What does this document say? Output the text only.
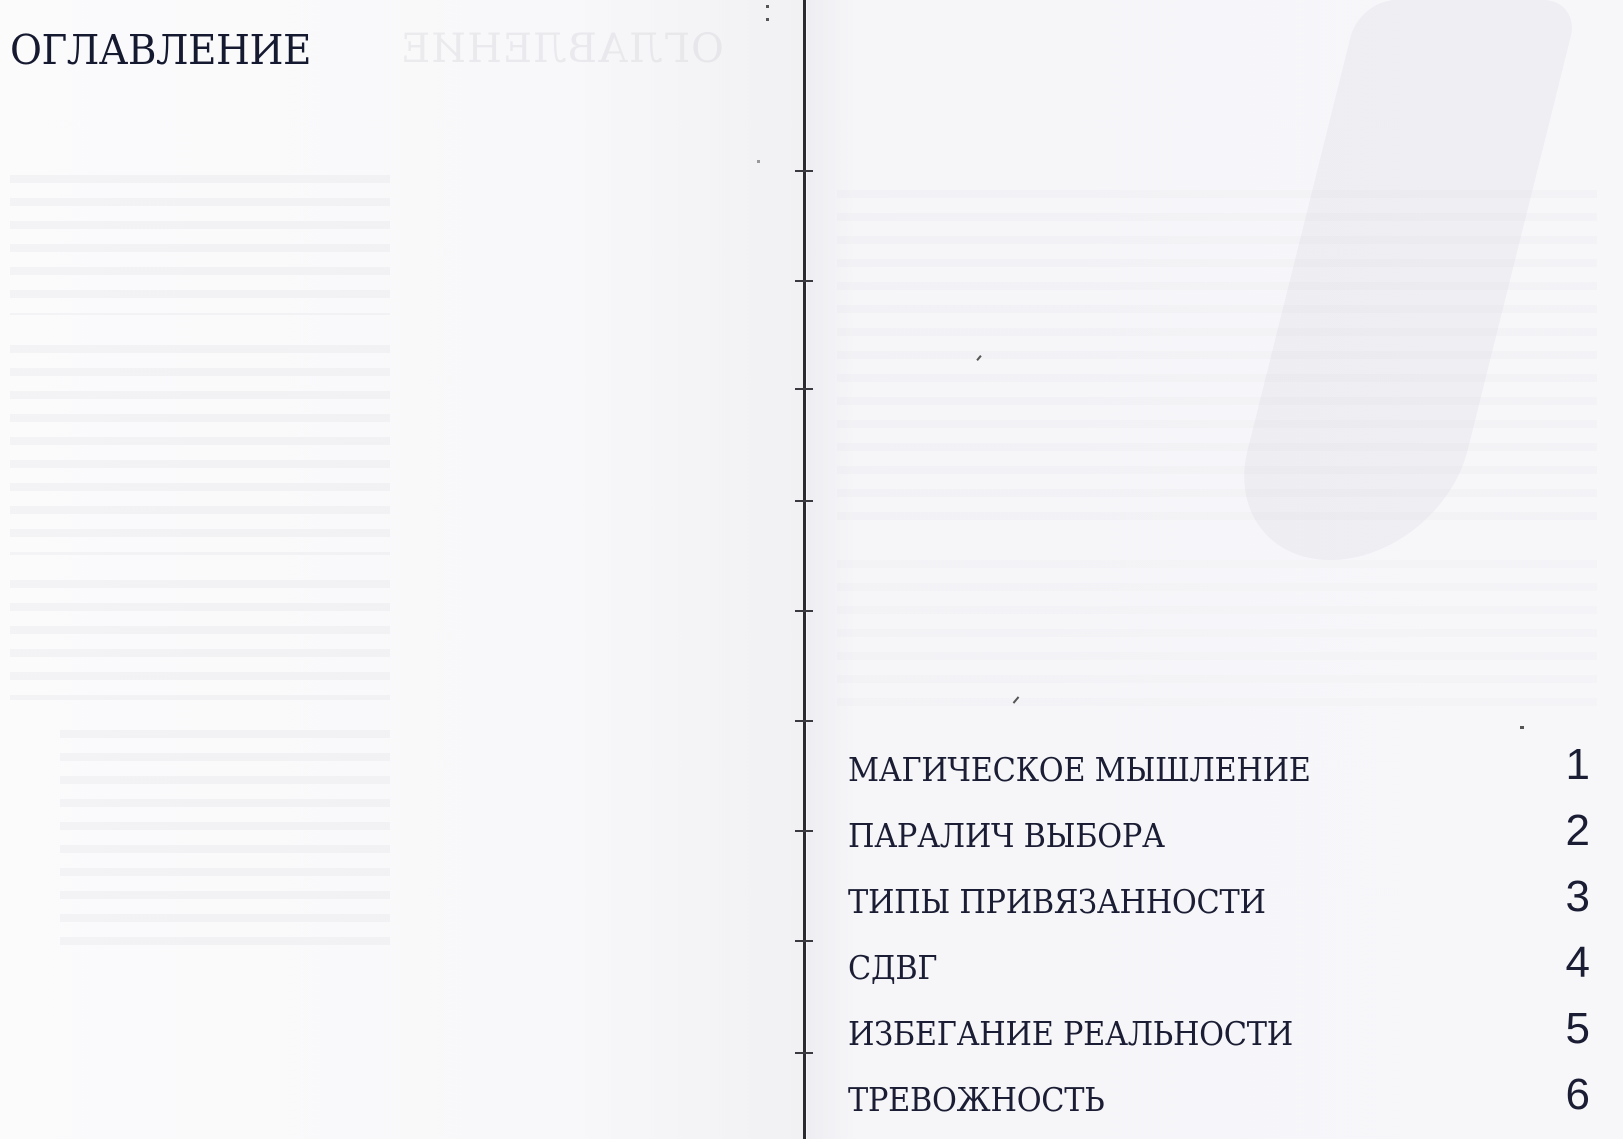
ОГЛАВЛЕНИЕ
ОГЛАВЛЕНИЕ
МАГИЧЕСКОЕ МЫШЛЕНИЕ	1
ПАРАЛИЧ ВЫБОРА	2
ТИПЫ ПРИВЯЗАННОСТИ	3
СДВГ	4
ИЗБЕГАНИЕ РЕАЛЬНОСТИ	5
ТРЕВОЖНОСТЬ	6
